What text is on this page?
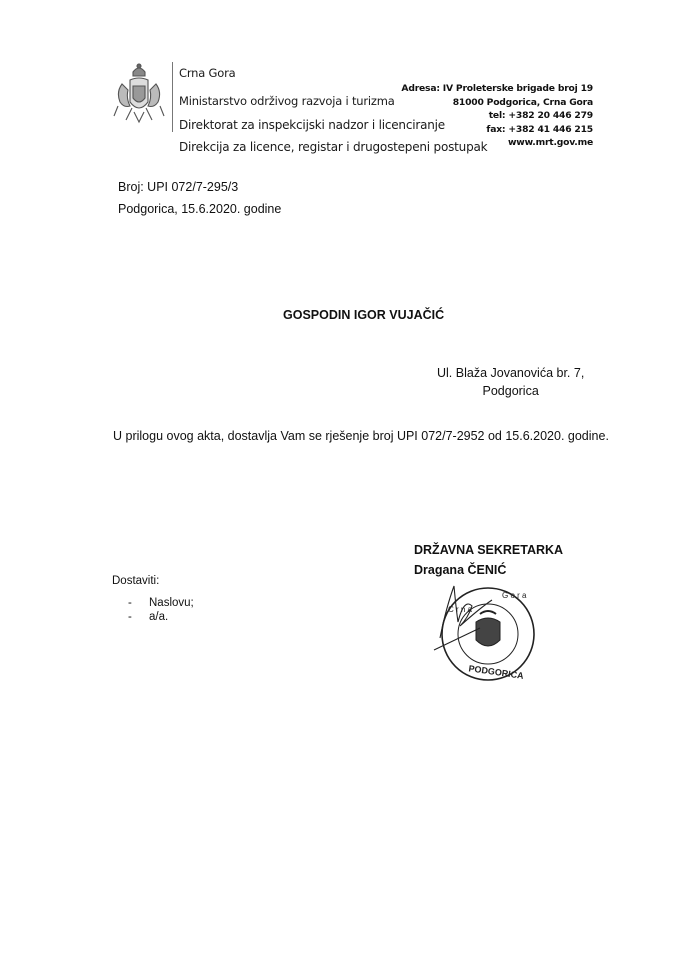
Crna Gora
Ministarstvo održivog razvoja i turizma
Direktorat za inspekcijski nadzor i licenciranje
Direkcija za licence, registar i drugostepeni postupak
Adresa: IV Proleterske brigade broj 19
81000 Podgorica, Crna Gora
tel: +382 20 446 279
fax: +382 41 446 215
www.mrt.gov.me
Broj: UPI 072/7-295/3
Podgorica, 15.6.2020. godine
GOSPODIN IGOR VUJAČIĆ
Ul. Blaža Jovanovića br. 7,
Podgorica
U prilogu ovog akta, dostavlja Vam se rješenje broj UPI 072/7-2952 od 15.6.2020. godine.
DRŽAVNA SEKRETARKA
Dragana ČENIĆ
PODGORICA
C r n a
G o r a
Dostaviti:
-	Naslovu;
-	a/a.
